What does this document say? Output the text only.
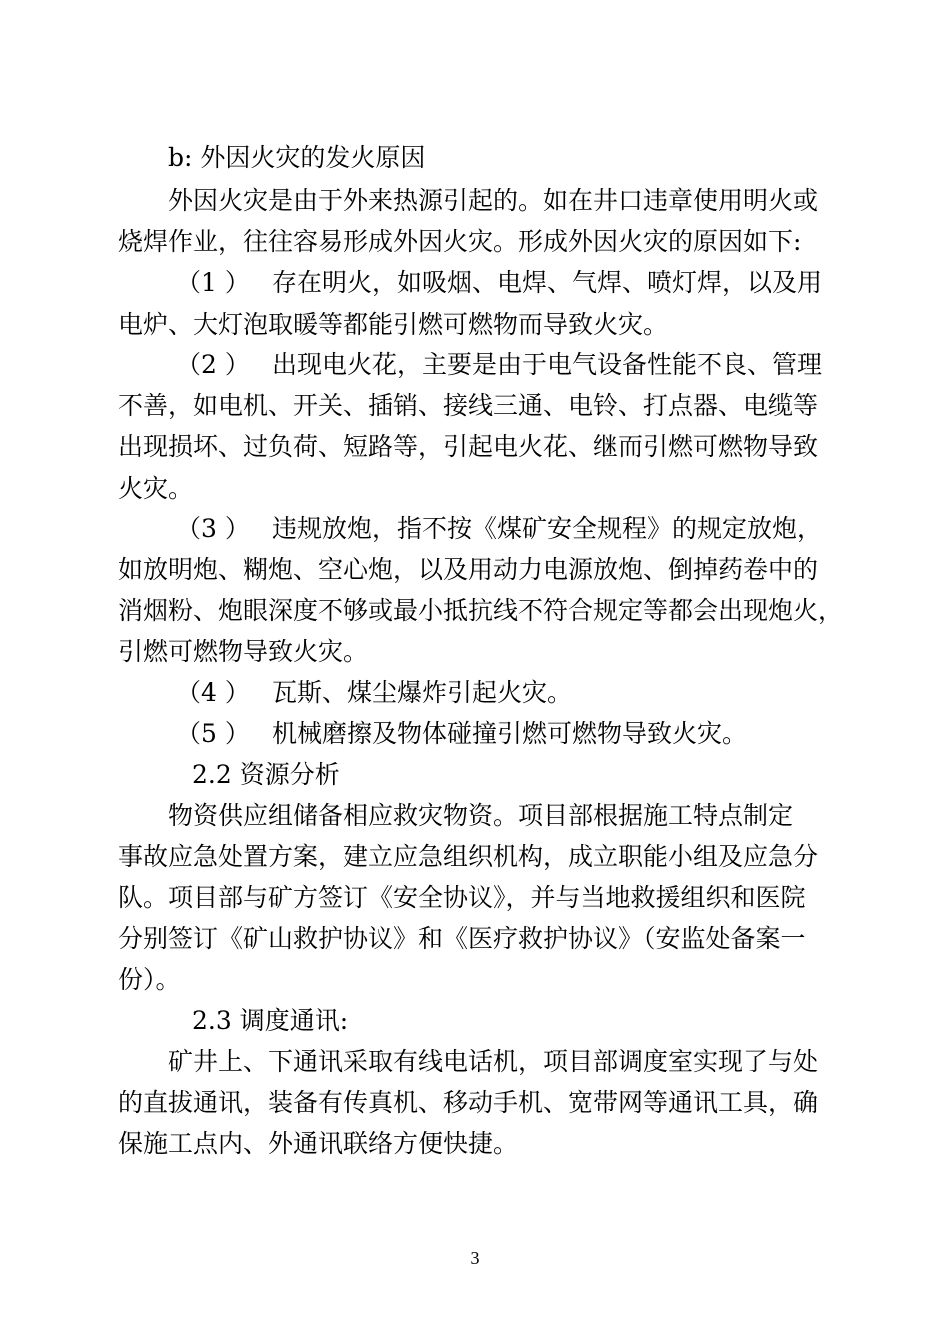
b: 外因火灾的发火原因
外因火灾是由于外来热源引起的。如在井口违章使用明火或
烧焊作业，往往容易形成外因火灾。形成外因火灾的原因如下:
（1 ） 存在明火，如吸烟、电焊、气焊、喷灯焊，以及用
电炉、大灯泡取暖等都能引燃可燃物而导致火灾。
（2 ） 出现电火花，主要是由于电气设备性能不良、管理
不善，如电机、开关、插销、接线三通、电铃、打点器、电缆等
出现损坏、过负荷、短路等，引起电火花、继而引燃可燃物导致
火灾。
（3 ） 违规放炮，指不按《煤矿安全规程》的规定放炮，
如放明炮、糊炮、空心炮，以及用动力电源放炮、倒掉药卷中的
消烟粉、炮眼深度不够或最小抵抗线不符合规定等都会出现炮火，
引燃可燃物导致火灾。
（4 ） 瓦斯、煤尘爆炸引起火灾。
（5 ） 机械磨擦及物体碰撞引燃可燃物导致火灾。
2.2 资源分析
物资供应组储备相应救灾物资。项目部根据施工特点制定
事故应急处置方案，建立应急组织机构，成立职能小组及应急分
队。项目部与矿方签订《安全协议》，并与当地救援组织和医院
分别签订《矿山救护协议》和《医疗救护协议》（安监处备案一
份）。
2.3 调度通讯:
矿井上、下通讯采取有线电话机，项目部调度室实现了与处
的直拔通讯，装备有传真机、移动手机、宽带网等通讯工具，确
保施工点内、外通讯联络方便快捷。
3
